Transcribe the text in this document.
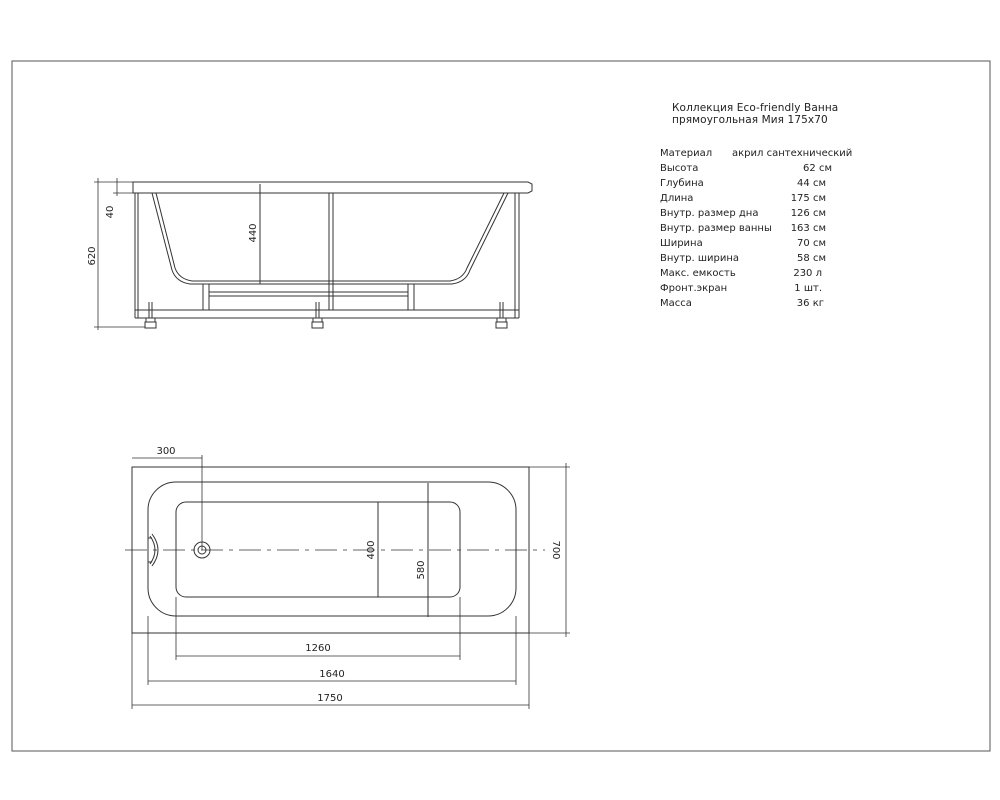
620
40
440
300
1260
1640
1750
400
580
700
Коллекция Eco-friendly Ванна
прямоугольная Мия 175х70
Материал акрил сантехнический
Высота	62 см
Глубина	44 см
Длина	175 см
Внутр. размер дна	126 см
Внутр. размер ванны 163 см
Ширина	70 см
Внутр. ширина	58 см
Макс. емкость	230 л
Фронт.экран	1 шт.
Масса	36 кг
